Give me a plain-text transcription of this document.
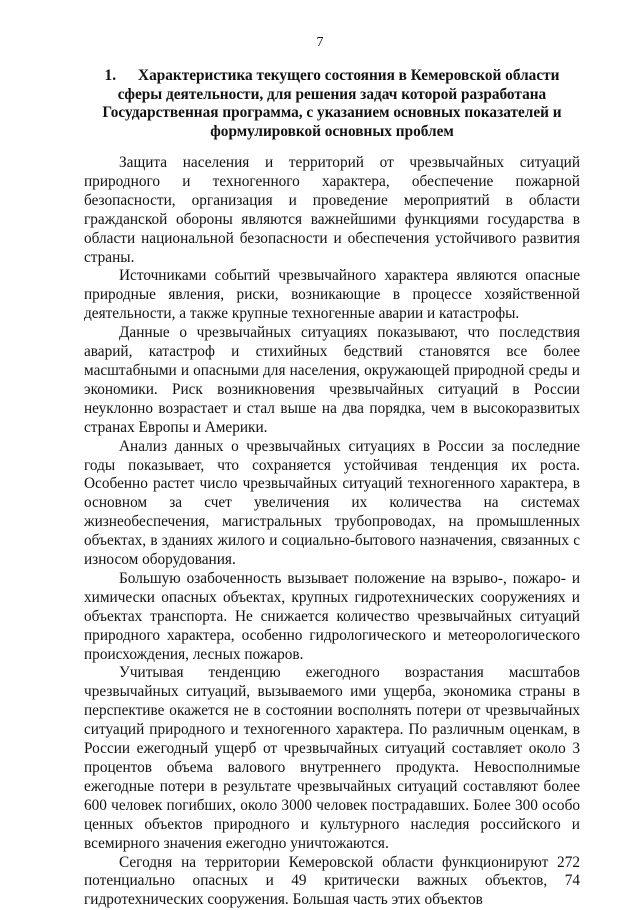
7
1. Характеристика текущего состояния в Кемеровской области сферы деятельности, для решения задач которой разработана Государственная программа, с указанием основных показателей и формулировкой основных проблем

Защита населения и территорий от чрезвычайных ситуаций природного и техногенного характера, обеспечение пожарной безопасности, организация и проведение мероприятий в области гражданской обороны являются важнейшими функциями государства в области национальной безопасности и обеспечения устойчивого развития страны.

Источниками событий чрезвычайного характера являются опасные природные явления, риски, возникающие в процессе хозяйственной деятельности, а также крупные техногенные аварии и катастрофы.

Данные о чрезвычайных ситуациях показывают, что последствия аварий, катастроф и стихийных бедствий становятся все более масштабными и опасными для населения, окружающей природной среды и экономики. Риск возникновения чрезвычайных ситуаций в России неуклонно возрастает и стал выше на два порядка, чем в высокоразвитых странах Европы и Америки.

Анализ данных о чрезвычайных ситуациях в России за последние годы показывает, что сохраняется устойчивая тенденция их роста. Особенно растет число чрезвычайных ситуаций техногенного характера, в основном за счет увеличения их количества на системах жизнеобеспечения, магистральных трубопроводах, на промышленных объектах, в зданиях жилого и социально-бытового назначения, связанных с износом оборудования.

Большую озабоченность вызывает положение на взрыво-, пожаро- и химически опасных объектах, крупных гидротехнических сооружениях и объектах транспорта. Не снижается количество чрезвычайных ситуаций природного характера, особенно гидрологического и метеорологического происхождения, лесных пожаров.

Учитывая тенденцию ежегодного возрастания масштабов чрезвычайных ситуаций, вызываемого ими ущерба, экономика страны в перспективе окажется не в состоянии восполнять потери от чрезвычайных ситуаций природного и техногенного характера. По различным оценкам, в России ежегодный ущерб от чрезвычайных ситуаций составляет около 3 процентов объема валового внутреннего продукта. Невосполнимые ежегодные потери в результате чрезвычайных ситуаций составляют более 600 человек погибших, около 3000 человек пострадавших. Более 300 особо ценных объектов природного и культурного наследия российского и всемирного значения ежегодно уничтожаются.

Сегодня на территории Кемеровской области функционируют 272 потенциально опасных и 49 критически важных объектов, 74 гидротехнических сооружения. Большая часть этих объектов
